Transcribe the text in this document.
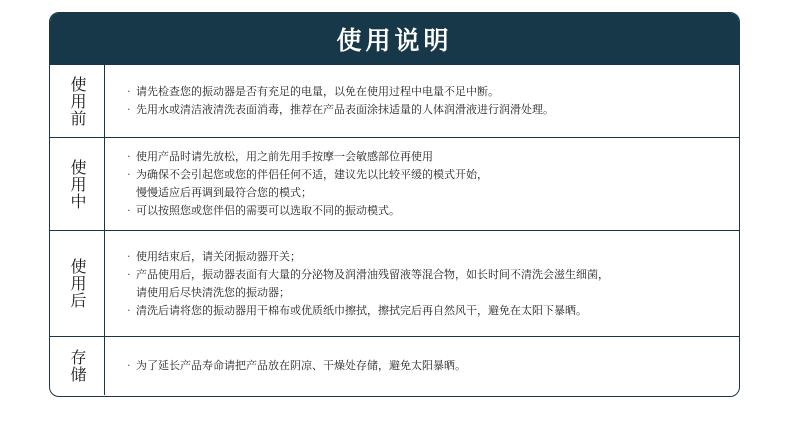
使用说明
使用前	· 请先检查您的振动器是否有充足的电量，以免在使用过程中电量不足中断。
· 先用水或清洁液清洗表面消毒，推荐在产品表面涂抹适量的人体润滑液进行润滑处理。
使用中
· 使用产品时请先放松，用之前先用手按摩一会敏感部位再使用
· 为确保不会引起您或您的伴侣任何不适，建议先以比较平缓的模式开始，
慢慢适应后再调到最符合您的模式；
· 可以按照您或您伴侣的需要可以选取不同的振动模式。
使用后
· 使用结束后，请关闭振动器开关；
· 产品使用后，振动器表面有大量的分泌物及润滑油残留液等混合物，如长时间不清洗会滋生细菌，
请使用后尽快清洗您的振动器；
· 清洗后请将您的振动器用干棉布或优质纸巾擦拭，擦拭完后再自然风干，避免在太阳下暴晒。
存储	· 为了延长产品寿命请把产品放在阴凉、干燥处存储，避免太阳暴晒。
